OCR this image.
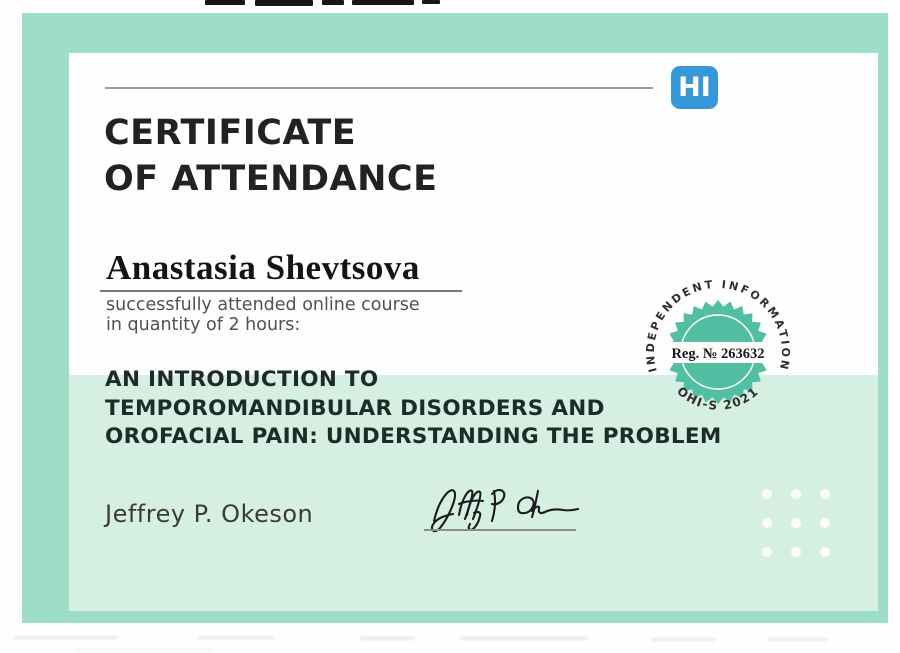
HI
CERTIFICATE
OF ATTENDANCE
Anastasia Shevtsova
successfully attended online course
in quantity of 2 hours:
AN INTRODUCTION TO
TEMPOROMANDIBULAR DISORDERS AND
OROFACIAL PAIN: UNDERSTANDING THE PROBLEM
Jeffrey P. Okeson
INDEPENDENT INFORMATION
Reg. № 263632
OHI-S 2021
